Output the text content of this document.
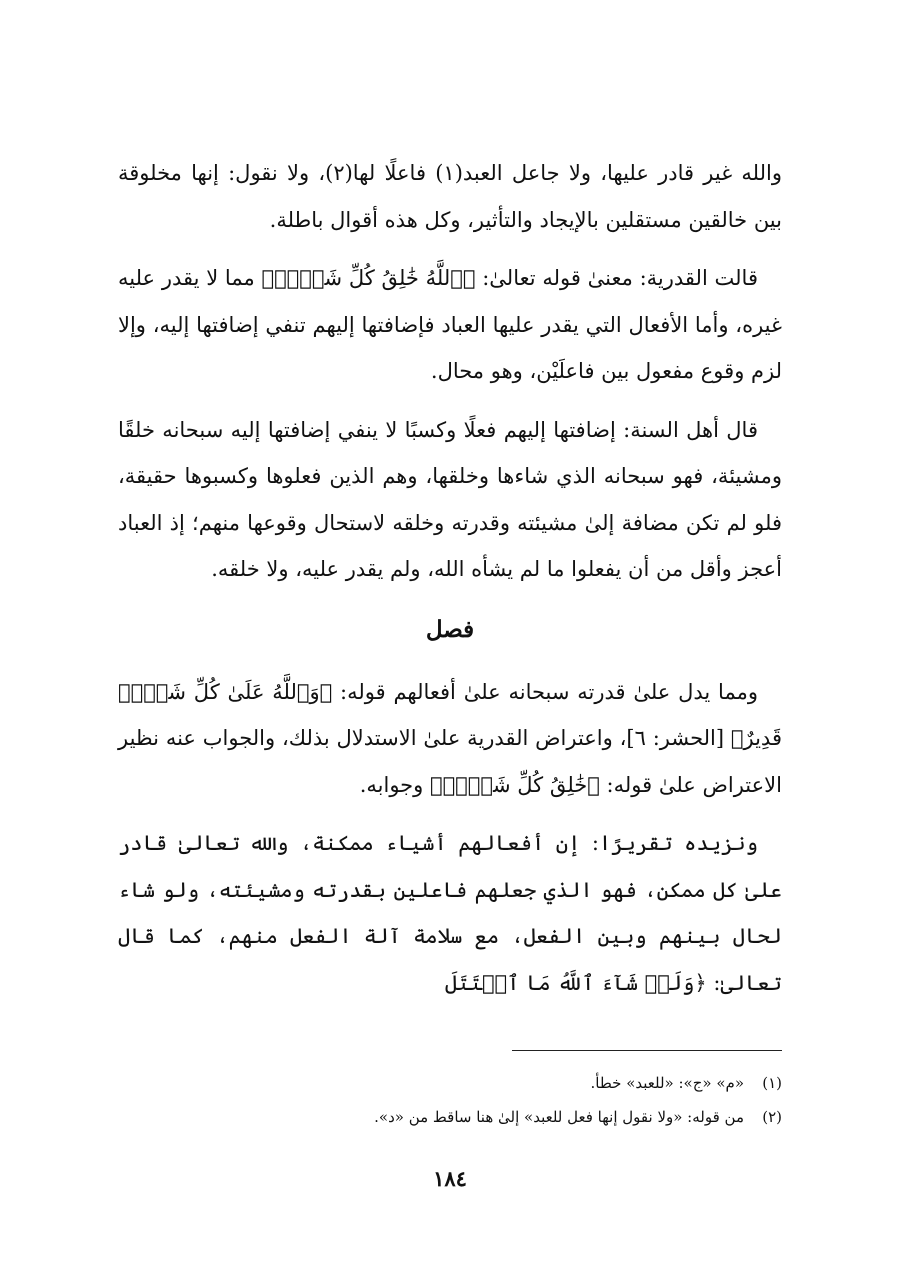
والله غير قادر عليها، ولا جاعل العبد(١) فاعلًا لها(٢)، ولا نقول: إنها مخلوقة بين خالقين مستقلين بالإيجاد والتأثير، وكل هذه أقوال باطلة.

قالت القدرية: معنىٰ قوله تعالىٰ: ﴿ٱللَّهُ خَٰلِقُ كُلِّ شَيۡءٖ﴾ مما لا يقدر عليه غيره، وأما الأفعال التي يقدر عليها العباد فإضافتها إليهم تنفي إضافتها إليه، وإلا لزم وقوع مفعول بين فاعلَيْن، وهو محال.

قال أهل السنة: إضافتها إليهم فعلًا وكسبًا لا ينفي إضافتها إليه سبحانه خلقًا ومشيئة، فهو سبحانه الذي شاءها وخلقها، وهم الذين فعلوها وكسبوها حقيقة، فلو لم تكن مضافة إلىٰ مشيئته وقدرته وخلقه لاستحال وقوعها منهم؛ إذ العباد أعجز وأقل من أن يفعلوا ما لم يشأه الله، ولم يقدر عليه، ولا خلقه.

فصل

ومما يدل علىٰ قدرته سبحانه علىٰ أفعالهم قوله: ﴿وَٱللَّهُ عَلَىٰ كُلِّ شَيۡءٖ قَدِيرٌ﴾ [الحشر: ٦]، واعتراض القدرية علىٰ الاستدلال بذلك، والجواب عنه نظير الاعتراض علىٰ قوله: ﴿خَٰلِقُ كُلِّ شَيۡءٖ﴾ وجوابه.

ونزيده تقريرًا: إن أفعالهم أشياء ممكنة، والله تعالىٰ قادر علىٰ كل ممكن، فهو الذي جعلهم فاعلين بقدرته ومشيئته، ولو شاء لحال بينهم وبين الفعل، مع سلامة آلة الفعل منهم، كما قال تعالىٰ: ﴿وَلَوۡ شَآءَ ٱللَّهُ مَا ٱقۡتَتَلَ

(١)«م» «ج»: «للعبد» خطأ.
(٢)من قوله: «ولا نقول إنها فعل للعبد» إلىٰ هنا ساقط من «د».
١٨٤
